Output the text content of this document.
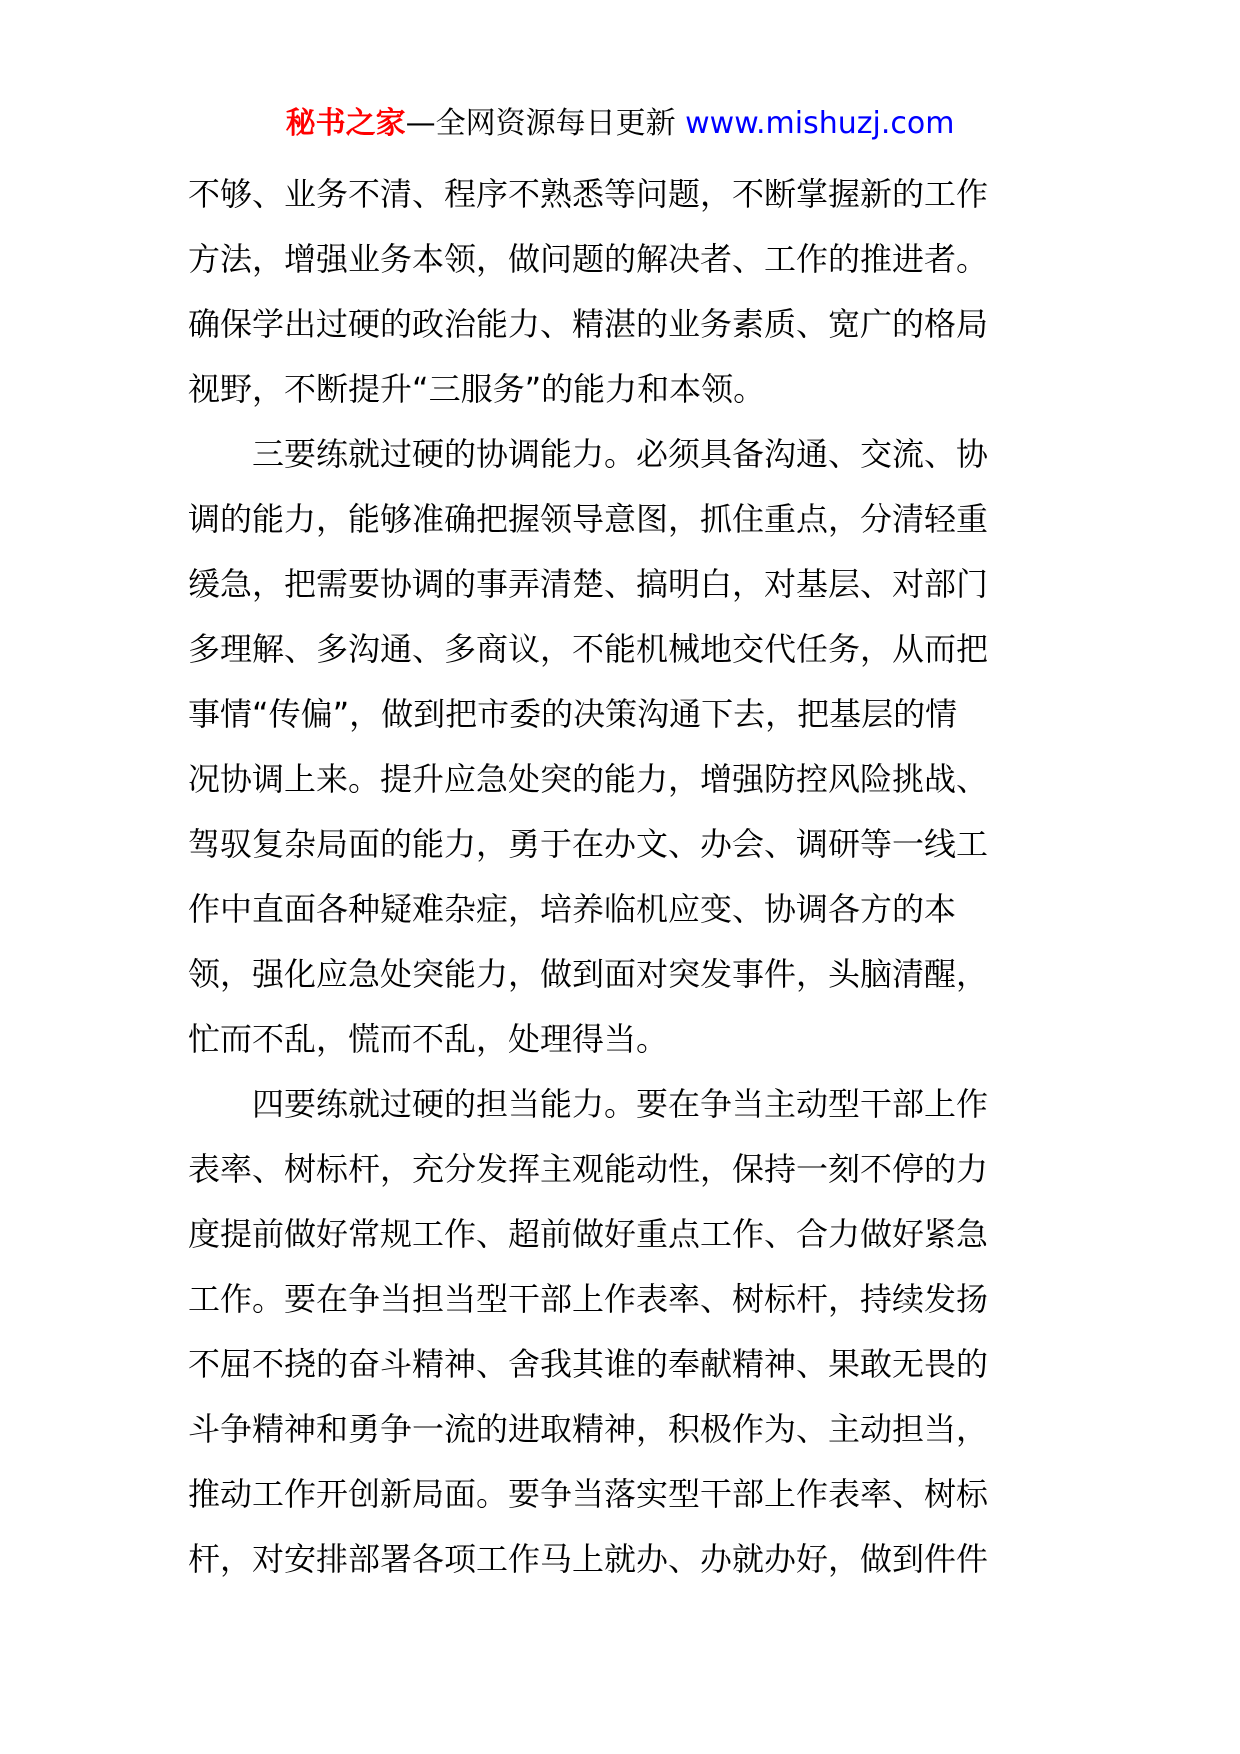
秘书之家—全网资源每日更新 www.mishuzj.com
不够、业务不清、程序不熟悉等问题，不断掌握新的工作
方法，增强业务本领，做问题的解决者、工作的推进者。
确保学出过硬的政治能力、精湛的业务素质、宽广的格局
视野，不断提升“三服务”的能力和本领。
　　三要练就过硬的协调能力。必须具备沟通、交流、协
调的能力，能够准确把握领导意图，抓住重点，分清轻重
缓急，把需要协调的事弄清楚、搞明白，对基层、对部门
多理解、多沟通、多商议，不能机械地交代任务，从而把
事情“传偏”，做到把市委的决策沟通下去，把基层的情
况协调上来。提升应急处突的能力，增强防控风险挑战、
驾驭复杂局面的能力，勇于在办文、办会、调研等一线工
作中直面各种疑难杂症，培养临机应变、协调各方的本
领，强化应急处突能力，做到面对突发事件，头脑清醒，
忙而不乱，慌而不乱，处理得当。
　　四要练就过硬的担当能力。要在争当主动型干部上作
表率、树标杆，充分发挥主观能动性，保持一刻不停的力
度提前做好常规工作、超前做好重点工作、合力做好紧急
工作。要在争当担当型干部上作表率、树标杆，持续发扬
不屈不挠的奋斗精神、舍我其谁的奉献精神、果敢无畏的
斗争精神和勇争一流的进取精神，积极作为、主动担当，
推动工作开创新局面。要争当落实型干部上作表率、树标
杆，对安排部署各项工作马上就办、办就办好，做到件件
